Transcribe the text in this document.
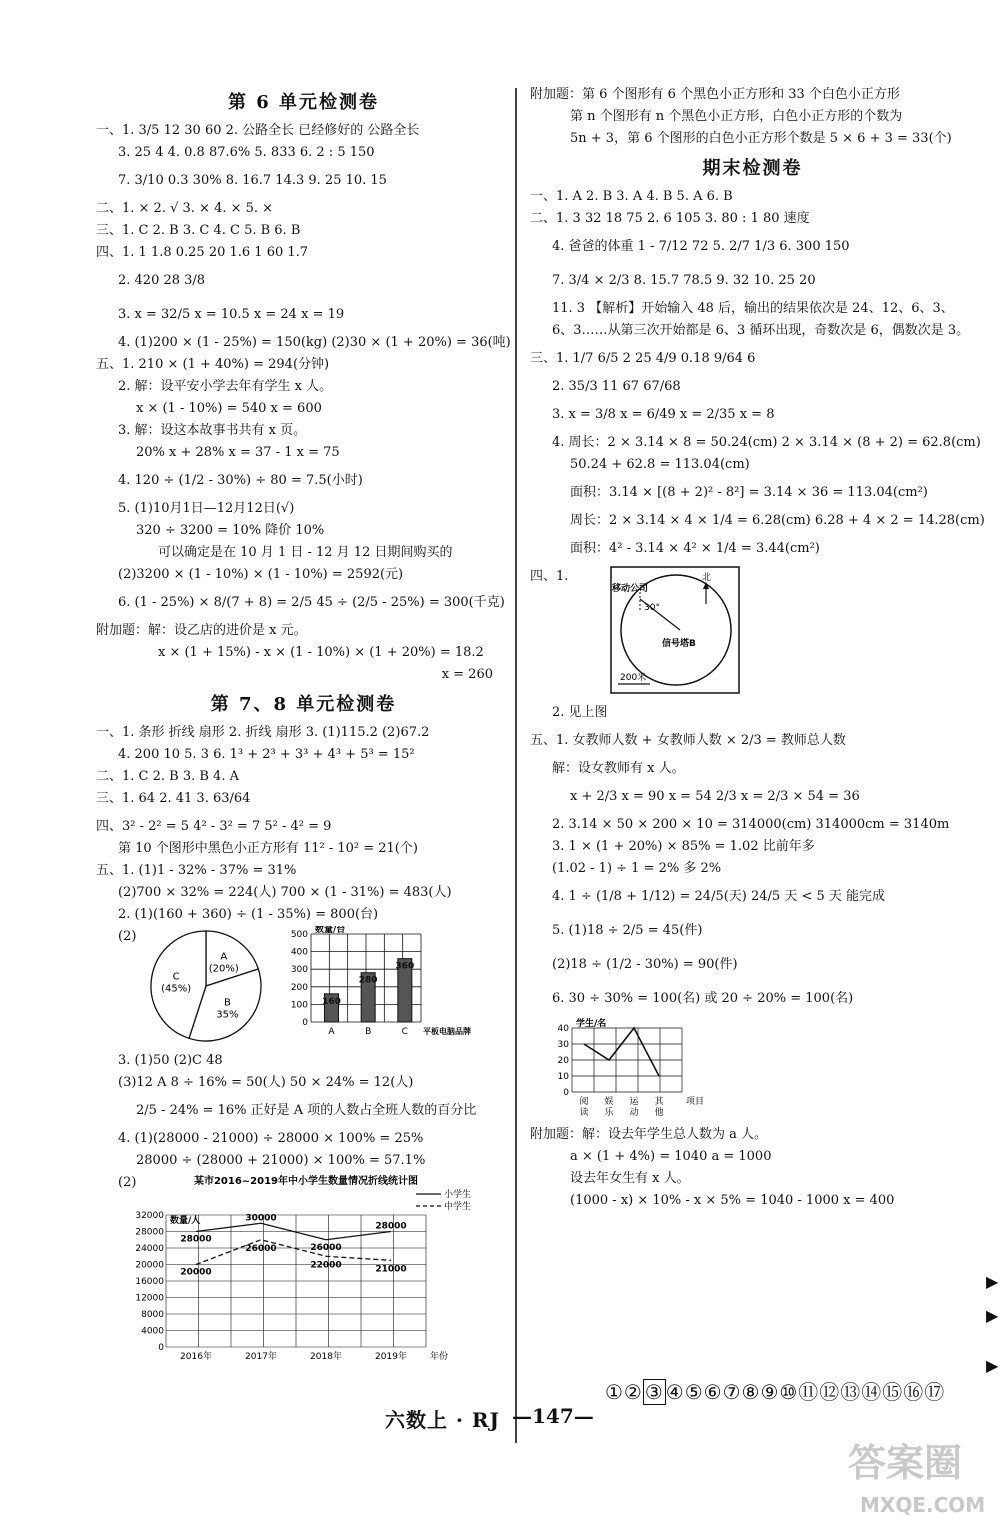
第 6 单元检测卷
一、1. 3/5 12 30 60 2. 公路全长 已经修好的 公路全长
3. 25 4 4. 0.8 87.6% 5. 833 6. 2 : 5 150
7. 3/10 0.3 30% 8. 16.7 14.3 9. 25 10. 15
二、1. × 2. √ 3. × 4. × 5. ×
三、1. C 2. B 3. C 4. C 5. B 6. B
四、1. 1 1.8 0.25 20 1.6 1 60 1.7
2. 420 28 3/8
3. x = 32/5 x = 10.5 x = 24 x = 19
4. (1)200 × (1 - 25%) = 150(kg) (2)30 × (1 + 20%) = 36(吨)
五、1. 210 × (1 + 40%) = 294(分钟)
2. 解：设平安小学去年有学生 x 人。
x × (1 - 10%) = 540 x = 600
3. 解：设这本故事书共有 x 页。
20% x + 28% x = 37 - 1 x = 75
4. 120 ÷ (1/2 - 30%) ÷ 80 = 7.5(小时)
5. (1)10月1日—12月12日(√)
320 ÷ 3200 = 10% 降价 10%
可以确定是在 10 月 1 日 - 12 月 12 日期间购买的
(2)3200 × (1 - 10%) × (1 - 10%) = 2592(元)
6. (1 - 25%) × 8/(7 + 8) = 2/5 45 ÷ (2/5 - 25%) = 300(千克)
附加题：解：设乙店的进价是 x 元。
x × (1 + 15%) - x × (1 - 10%) × (1 + 20%) = 18.2
x = 260
第 7、8 单元检测卷
一、1. 条形 折线 扇形 2. 折线 扇形 3. (1)115.2 (2)67.2
4. 200 10 5. 3 6. 1³ + 2³ + 3³ + 4³ + 5³ = 15²
二、1. C 2. B 3. B 4. A
三、1. 64 2. 41 3. 63/64
四、3² - 2² = 5 4² - 3² = 7 5² - 4² = 9
第 10 个图形中黑色小正方形有 11² - 10² = 21(个)
五、1. (1)1 - 32% - 37% = 31%
(2)700 × 32% = 224(人) 700 × (1 - 31%) = 483(人)
2. (1)(160 + 360) ÷ (1 - 35%) = 800(台)
(2)
A
(20%)
B
35%
C
(45%)
0
100
200
300
400
500 数量/台
160
A
280
B
360
C 平板电脑品牌
3. (1)50 (2)C 48
(3)12 A 8 ÷ 16% = 50(人) 50 × 24% = 12(人)
2/5 - 24% = 16% 正好是 A 项的人数占全班人数的百分比
4. (1)(28000 - 21000) ÷ 28000 × 100% = 25%
28000 ÷ (28000 + 21000) × 100% = 57.1%
(2)	某市2016~2019年中小学生数量情况折线统计图
0
4000
8000
12000
16000
20000
24000
28000
32000 数量/人
2016年	2017年	2018年	2019年	年份
28000
30000
26000
28000
20000
26000
22000	21000
小学生
中学生
附加题：第 6 个图形有 6 个黑色小正方形和 33 个白色小正方形
第 n 个图形有 n 个黑色小正方形，白色小正方形的个数为
5n + 3，第 6 个图形的白色小正方形个数是 5 × 6 + 3 = 33(个)
期末检测卷
一、1. A 2. B 3. A 4. B 5. A 6. B
二、1. 3 32 18 75 2. 6 105 3. 80 : 1 80 速度
4. 爸爸的体重 1 - 7/12 72 5. 2/7 1/3 6. 300 150
7. 3/4 × 2/3 8. 15.7 78.5 9. 32 10. 25 20
11. 3 【解析】开始输入 48 后，输出的结果依次是 24、12、6、3、
6、3……从第三次开始都是 6、3 循环出现，奇数次是 6，偶数次是 3。
三、1. 1/7 6/5 2 25 4/9 0.18 9/64 6
2. 35/3 11 67 67/68
3. x = 3/8 x = 6/49 x = 2/35 x = 8
4. 周长：2 × 3.14 × 8 = 50.24(cm) 2 × 3.14 × (8 + 2) = 62.8(cm)
50.24 + 62.8 = 113.04(cm)
面积：3.14 × [(8 + 2)² - 8²] = 3.14 × 36 = 113.04(cm²)
周长：2 × 3.14 × 4 × 1/4 = 6.28(cm) 6.28 + 4 × 2 = 14.28(cm)
面积：4² - 3.14 × 4² × 1/4 = 3.44(cm²)
四、1.	北
移动公司
30°
信号塔B
200米
2. 见上图
五、1. 女教师人数 + 女教师人数 × 2/3 = 教师总人数
解：设女教师有 x 人。
x + 2/3 x = 90 x = 54 2/3 x = 2/3 × 54 = 36
2. 3.14 × 50 × 200 × 10 = 314000(cm) 314000cm = 3140m
3. 1 × (1 + 20%) × 85% = 1.02 比前年多
(1.02 - 1) ÷ 1 = 2% 多 2%
4. 1 ÷ (1/8 + 1/12) = 24/5(天) 24/5 天 < 5 天 能完成
5. (1)18 ÷ 2/5 = 45(件)
(2)18 ÷ (1/2 - 30%) = 90(件)
6. 30 ÷ 30% = 100(名) 或 20 ÷ 20% = 100(名)
0
10
20
30
40 学生/名
阅
读
娱
乐
运
动
其
他
项目
附加题：解：设去年学生总人数为 a 人。
a × (1 + 4%) = 1040 a = 1000
设去年女生有 x 人。
(1000 - x) × 10% - x × 5% = 1040 - 1000 x = 400
①② ③ ④⑤⑥⑦⑧⑨⑩⑪⑫⑬⑭⑮⑯⑰
六数上 · RJ —147—
▶
▶
▶
答案圈
MXQE.COM
